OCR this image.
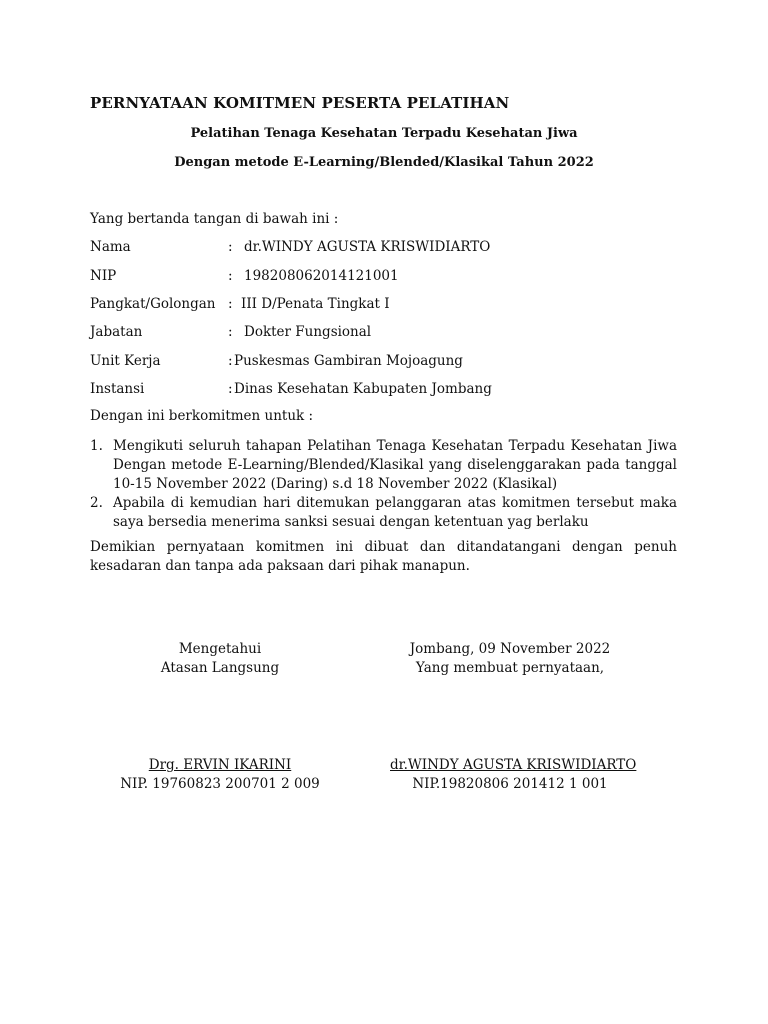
PERNYATAAN KOMITMEN PESERTA PELATIHAN
Pelatihan Tenaga Kesehatan Terpadu Kesehatan Jiwa
Dengan metode E-Learning/Blended/Klasikal Tahun 2022
Yang bertanda tangan di bawah ini :
Nama	: dr.WINDY AGUSTA KRISWIDIARTO
NIP	: 198208062014121001
Pangkat/Golongan : III D/Penata Tingkat I
Jabatan	: Dokter Fungsional
Unit Kerja	: Puskesmas Gambiran Mojoagung
Instansi	: Dinas Kesehatan Kabupaten Jombang
Dengan ini berkomitmen untuk :
1. Mengikuti seluruh tahapan Pelatihan Tenaga Kesehatan Terpadu Kesehatan Jiwa Dengan metode E-Learning/Blended/Klasikal yang diselenggarakan pada tanggal 10-15 November 2022 (Daring) s.d 18 November 2022 (Klasikal)
2. Apabila di kemudian hari ditemukan pelanggaran atas komitmen tersebut maka saya bersedia menerima sanksi sesuai dengan ketentuan yag berlaku
Demikian pernyataan komitmen ini dibuat dan ditandatangani dengan penuh kesadaran dan tanpa ada paksaan dari pihak manapun.
Mengetahui
Atasan Langsung
Jombang, 09 November 2022
Yang membuat pernyataan,
Drg. ERVIN IKARINI
NIP. 19760823 200701 2 009
dr.WINDY AGUSTA KRISWIDIARTO
NIP.19820806 201412 1 001
